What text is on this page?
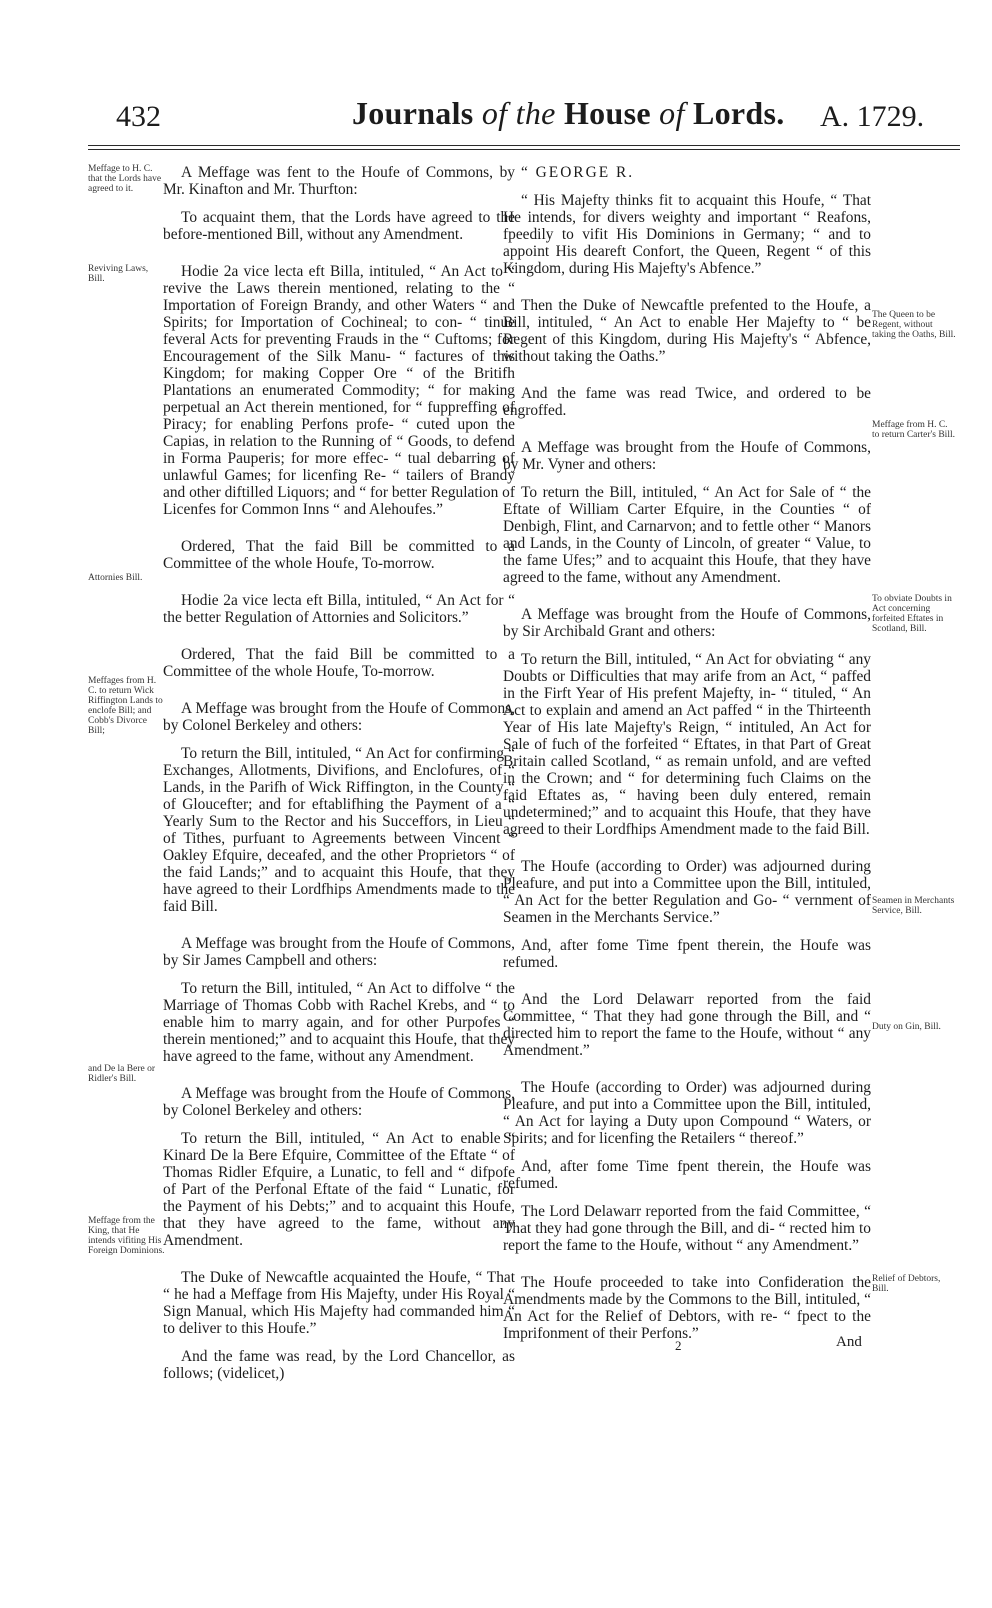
432	Journals of the House of Lords. A. 1729.
Meffage to H. C. that the Lords have agreed to it.
Reviving Laws, Bill.
Attornies Bill.
Meffages from H. C. to return Wick Riffington Lands to enclofe Bill; and Cobb's Divorce Bill;
and De la Bere or Ridler's Bill.
Meffage from the King, that He intends vifiting His Foreign Dominions.
The Queen to be Regent, without taking the Oaths, Bill.
Meffage from H. C. to return Carter's Bill.
To obviate Doubts in Act concerning forfeited Eftates in Scotland, Bill.
Seamen in Merchants Service, Bill.
Duty on Gin, Bill.
Relief of Debtors, Bill.

A Meffage was fent to the Houfe of Commons, by Mr. Kinafton and Mr. Thurfton:

To acquaint them, that the Lords have agreed to the before-mentioned Bill, without any Amendment.

Hodie 2a vice lecta eft Billa, intituled, “ An Act to “ revive the Laws therein mentioned, relating to the “ Importation of Foreign Brandy, and other Waters “ and Spirits; for Importation of Cochineal; to con- “ tinue feveral Acts for preventing Frauds in the “ Cuftoms; for Encouragement of the Silk Manu- “ factures of this Kingdom; for making Copper Ore “ of the Britifh Plantations an enumerated Commodity; “ for making perpetual an Act therein mentioned, for “ fuppreffing of Piracy; for enabling Perfons profe- “ cuted upon the Capias, in relation to the Running of “ Goods, to defend in Forma Pauperis; for more effec- “ tual debarring of unlawful Games; for licenfing Re- “ tailers of Brandy and other diftilled Liquors; and “ for better Regulation of Licenfes for Common Inns “ and Alehoufes.”

Ordered, That the faid Bill be committed to a Committee of the whole Houfe, To-morrow.

Hodie 2a vice lecta eft Billa, intituled, “ An Act for “ the better Regulation of Attornies and Solicitors.”

Ordered, That the faid Bill be committed to a Committee of the whole Houfe, To-morrow.

A Meffage was brought from the Houfe of Commons, by Colonel Berkeley and others:

To return the Bill, intituled, “ An Act for confirming “ Exchanges, Allotments, Divifions, and Enclofures, of “ Lands, in the Parifh of Wick Riffington, in the County “ of Gloucefter; and for eftablifhing the Payment of a “ Yearly Sum to the Rector and his Succeffors, in Lieu “ of Tithes, purfuant to Agreements between Vincent “ Oakley Efquire, deceafed, and the other Proprietors “ of the faid Lands;” and to acquaint this Houfe, that they have agreed to their Lordfhips Amendments made to the faid Bill.

A Meffage was brought from the Houfe of Commons, by Sir James Campbell and others:

To return the Bill, intituled, “ An Act to diffolve “ the Marriage of Thomas Cobb with Rachel Krebs, and “ to enable him to marry again, and for other Purpofes “ therein mentioned;” and to acquaint this Houfe, that they have agreed to the fame, without any Amendment.

A Meffage was brought from the Houfe of Commons, by Colonel Berkeley and others:

To return the Bill, intituled, “ An Act to enable “ Kinard De la Bere Efquire, Committee of the Eftate “ of Thomas Ridler Efquire, a Lunatic, to fell and “ difpofe of Part of the Perfonal Eftate of the faid “ Lunatic, for the Payment of his Debts;” and to acquaint this Houfe, that they have agreed to the fame, without any Amendment.

The Duke of Newcaftle acquainted the Houfe, “ That “ he had a Meffage from His Majefty, under His Royal “ Sign Manual, which His Majefty had commanded him “ to deliver to this Houfe.”

And the fame was read, by the Lord Chancellor, as follows; (videlicet,)

“ GEORGE R.

“ His Majefty thinks fit to acquaint this Houfe, “ That He intends, for divers weighty and important “ Reafons, fpeedily to vifit His Dominions in Germany; “ and to appoint His deareft Confort, the Queen, Regent “ of this Kingdom, during His Majefty's Abfence.”

Then the Duke of Newcaftle prefented to the Houfe, a Bill, intituled, “ An Act to enable Her Majefty to “ be Regent of this Kingdom, during His Majefty's “ Abfence, without taking the Oaths.”

And the fame was read Twice, and ordered to be engroffed.

A Meffage was brought from the Houfe of Commons, by Mr. Vyner and others:

To return the Bill, intituled, “ An Act for Sale of “ the Eftate of William Carter Efquire, in the Counties “ of Denbigh, Flint, and Carnarvon; and to fettle other “ Manors and Lands, in the County of Lincoln, of greater “ Value, to the fame Ufes;” and to acquaint this Houfe, that they have agreed to the fame, without any Amendment.

A Meffage was brought from the Houfe of Commons, by Sir Archibald Grant and others:

To return the Bill, intituled, “ An Act for obviating “ any Doubts or Difficulties that may arife from an Act, “ paffed in the Firft Year of His prefent Majefty, in- “ tituled, “ An Act to explain and amend an Act paffed “ in the Thirteenth Year of His late Majefty's Reign, “ intituled, An Act for Sale of fuch of the forfeited “ Eftates, in that Part of Great Britain called Scotland, “ as remain unfold, and are vefted in the Crown; and “ for determining fuch Claims on the faid Eftates as, “ having been duly entered, remain undetermined;” and to acquaint this Houfe, that they have agreed to their Lordfhips Amendment made to the faid Bill.

The Houfe (according to Order) was adjourned during Pleafure, and put into a Committee upon the Bill, intituled, “ An Act for the better Regulation and Go- “ vernment of Seamen in the Merchants Service.”

And, after fome Time fpent therein, the Houfe was refumed.

And the Lord Delawarr reported from the faid Committee, “ That they had gone through the Bill, and “ directed him to report the fame to the Houfe, without “ any Amendment.”

The Houfe (according to Order) was adjourned during Pleafure, and put into a Committee upon the Bill, intituled, “ An Act for laying a Duty upon Compound “ Waters, or Spirits; and for licenfing the Retailers “ thereof.”

And, after fome Time fpent therein, the Houfe was refumed.

The Lord Delawarr reported from the faid Committee, “ That they had gone through the Bill, and di- “ rected him to report the fame to the Houfe, without “ any Amendment.”

The Houfe proceeded to take into Confideration the Amendments made by the Commons to the Bill, intituled, “ An Act for the Relief of Debtors, with re- “ fpect to the Imprifonment of their Perfons.”

2	And
